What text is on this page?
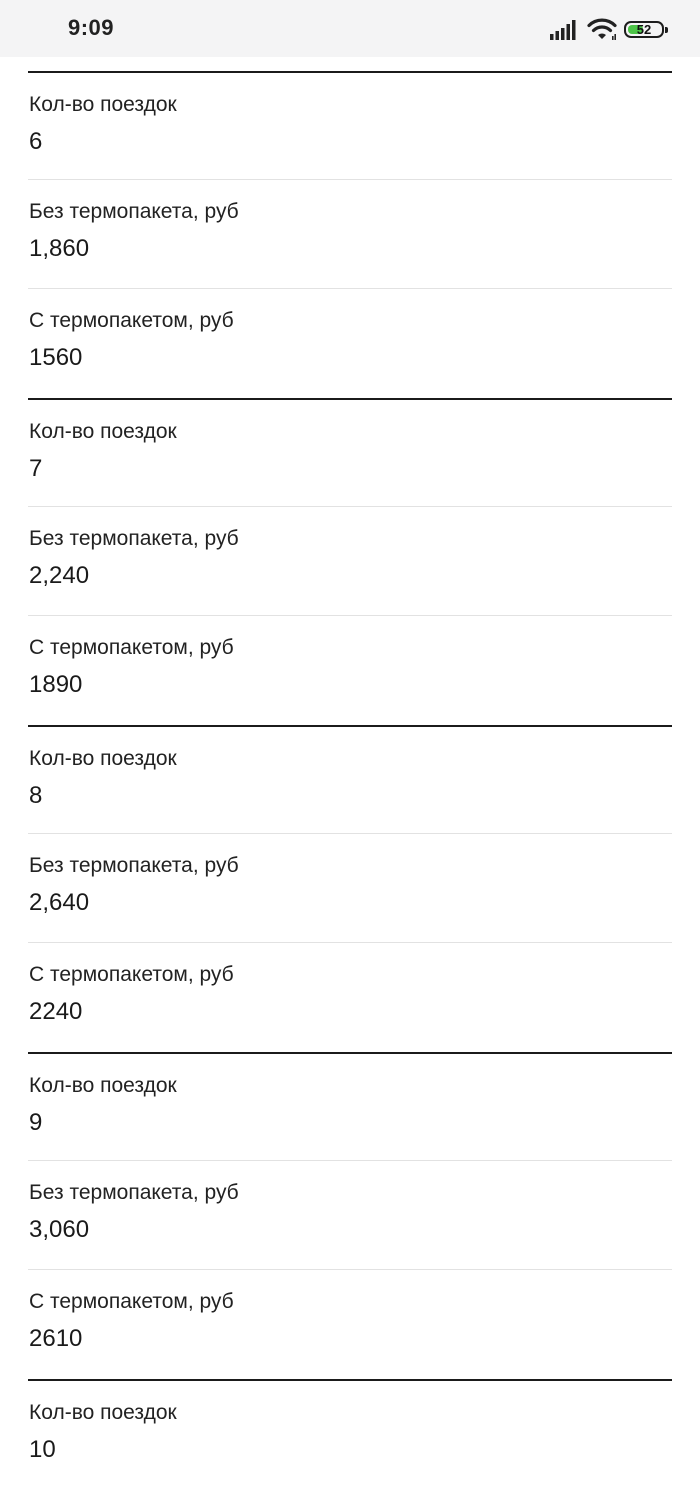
9:09	52
Кол-во поездок
6
Без термопакета, руб
1,860
С термопакетом, руб
1560
Кол-во поездок
7
Без термопакета, руб
2,240
С термопакетом, руб
1890
Кол-во поездок
8
Без термопакета, руб
2,640
С термопакетом, руб
2240
Кол-во поездок
9
Без термопакета, руб
3,060
С термопакетом, руб
2610
Кол-во поездок
10
